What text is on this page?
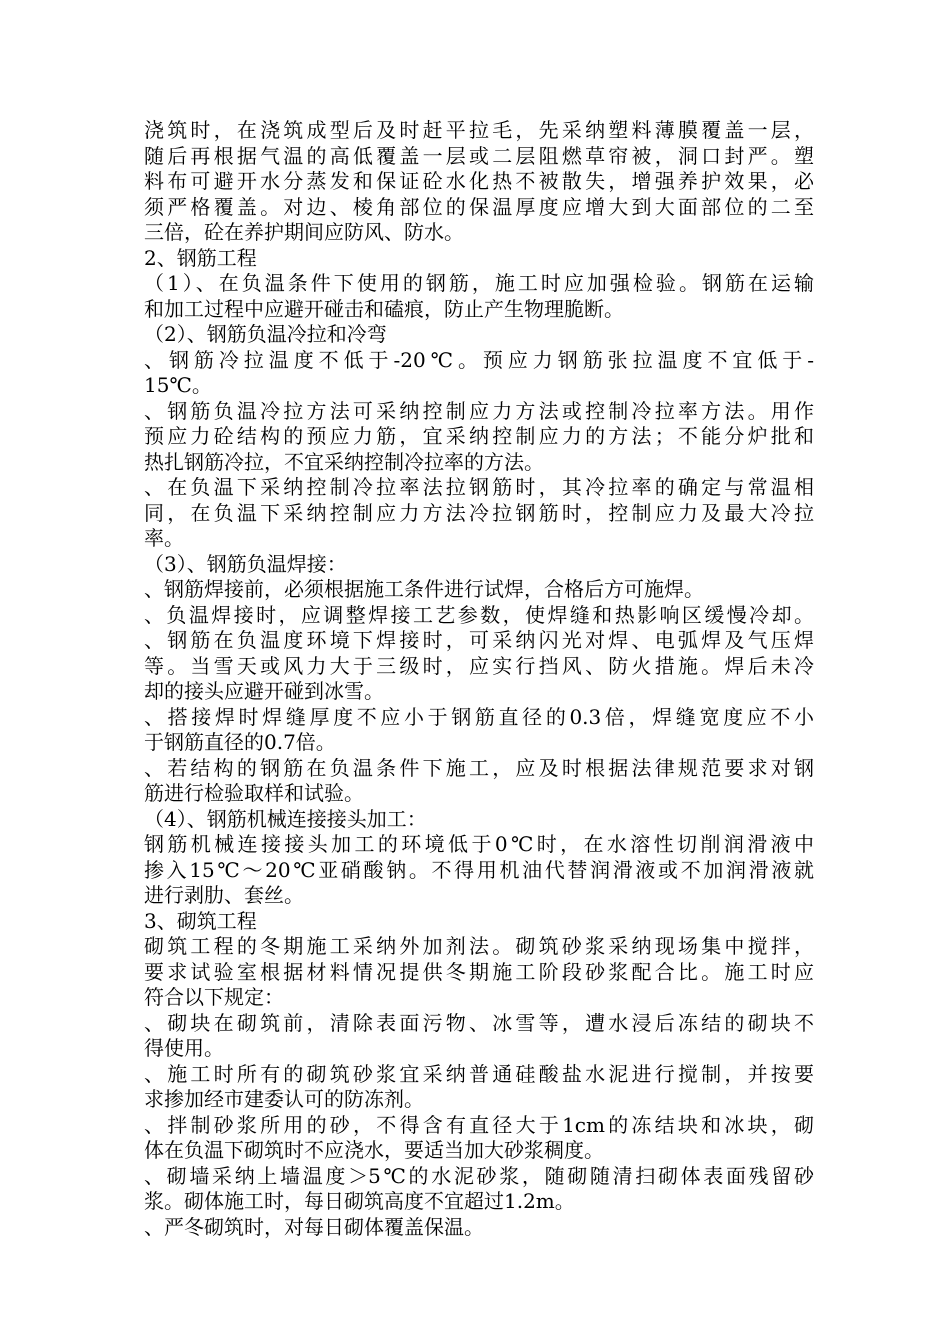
浇筑时，在浇筑成型后及时赶平拉毛，先采纳塑料薄膜覆盖一层，
随后再根据气温的高低覆盖一层或二层阻燃草帘被，洞口封严。塑
料布可避开水分蒸发和保证砼水化热不被散失，增强养护效果，必
须严格覆盖。对边、棱角部位的保温厚度应增大到大面部位的二至
三倍，砼在养护期间应防风、防水。
2、钢筋工程
（1）、在负温条件下使用的钢筋，施工时应加强检验。钢筋在运输
和加工过程中应避开碰击和磕痕，防止产生物理脆断。
（2）、钢筋负温冷拉和冷弯
、钢筋冷拉温度不低于-20℃。预应力钢筋张拉温度不宜低于-
15℃。
、钢筋负温冷拉方法可采纳控制应力方法或控制冷拉率方法。用作
预应力砼结构的预应力筋，宜采纳控制应力的方法；不能分炉批和
热扎钢筋冷拉，不宜采纳控制冷拉率的方法。
、在负温下采纳控制冷拉率法拉钢筋时，其冷拉率的确定与常温相
同，在负温下采纳控制应力方法冷拉钢筋时，控制应力及最大冷拉
率。
（3）、钢筋负温焊接：
、钢筋焊接前，必须根据施工条件进行试焊，合格后方可施焊。
、负温焊接时，应调整焊接工艺参数，使焊缝和热影响区缓慢冷却。
、钢筋在负温度环境下焊接时，可采纳闪光对焊、电弧焊及气压焊
等。当雪天或风力大于三级时，应实行挡风、防火措施。焊后未冷
却的接头应避开碰到冰雪。
、搭接焊时焊缝厚度不应小于钢筋直径的0.3倍，焊缝宽度应不小
于钢筋直径的0.7倍。
、若结构的钢筋在负温条件下施工，应及时根据法律规范要求对钢
筋进行检验取样和试验。
（4）、钢筋机械连接接头加工：
钢筋机械连接接头加工的环境低于0℃时，在水溶性切削润滑液中
掺入15℃～20℃亚硝酸钠。不得用机油代替润滑液或不加润滑液就
进行剥肋、套丝。
3、砌筑工程
砌筑工程的冬期施工采纳外加剂法。砌筑砂浆采纳现场集中搅拌，
要求试验室根据材料情况提供冬期施工阶段砂浆配合比。施工时应
符合以下规定：
、砌块在砌筑前，清除表面污物、冰雪等，遭水浸后冻结的砌块不
得使用。
、施工时所有的砌筑砂浆宜采纳普通硅酸盐水泥进行搅制，并按要
求掺加经市建委认可的防冻剂。
、拌制砂浆所用的砂，不得含有直径大于1cm的冻结块和冰块，砌
体在负温下砌筑时不应浇水，要适当加大砂浆稠度。
、砌墙采纳上墙温度＞5℃的水泥砂浆，随砌随清扫砌体表面残留砂
浆。砌体施工时，每日砌筑高度不宜超过1.2m。
、严冬砌筑时，对每日砌体覆盖保温。
